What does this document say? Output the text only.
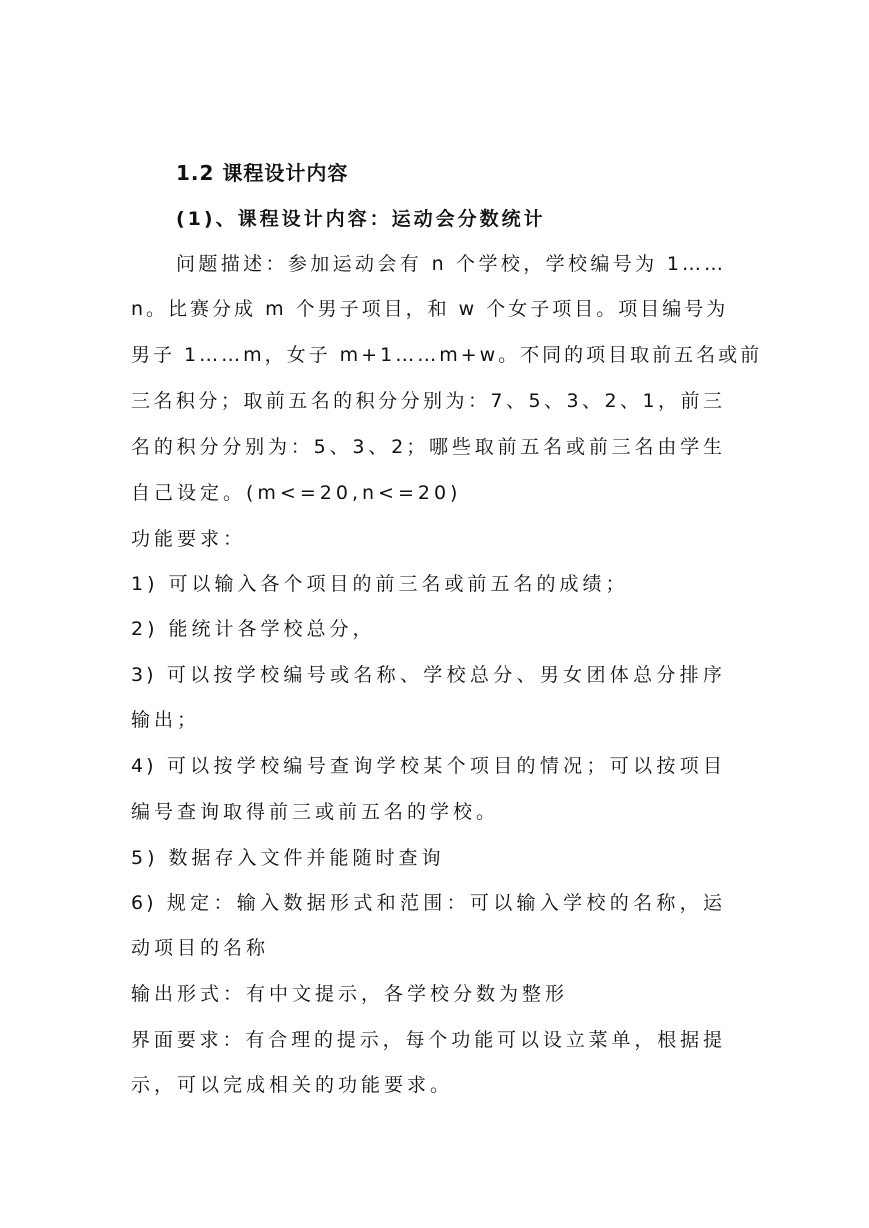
1.2 课程设计内容
(1)、课程设计内容：运动会分数统计
问题描述：参加运动会有 n 个学校，学校编号为 1……
n。比赛分成 m 个男子项目，和 w 个女子项目。项目编号为
男子 1……m，女子 m+1……m+w。不同的项目取前五名或前
三名积分；取前五名的积分分别为：7、5、3、2、1，前三
名的积分分别为：5、3、2；哪些取前五名或前三名由学生
自己设定。(m<=20,n<=20)
功能要求：
1) 可以输入各个项目的前三名或前五名的成绩；
2) 能统计各学校总分，
3) 可以按学校编号或名称、学校总分、男女团体总分排序
输出；
4) 可以按学校编号查询学校某个项目的情况；可以按项目
编号查询取得前三或前五名的学校。
5) 数据存入文件并能随时查询
6) 规定：输入数据形式和范围：可以输入学校的名称，运
动项目的名称
输出形式：有中文提示，各学校分数为整形
界面要求：有合理的提示，每个功能可以设立菜单，根据提
示，可以完成相关的功能要求。
